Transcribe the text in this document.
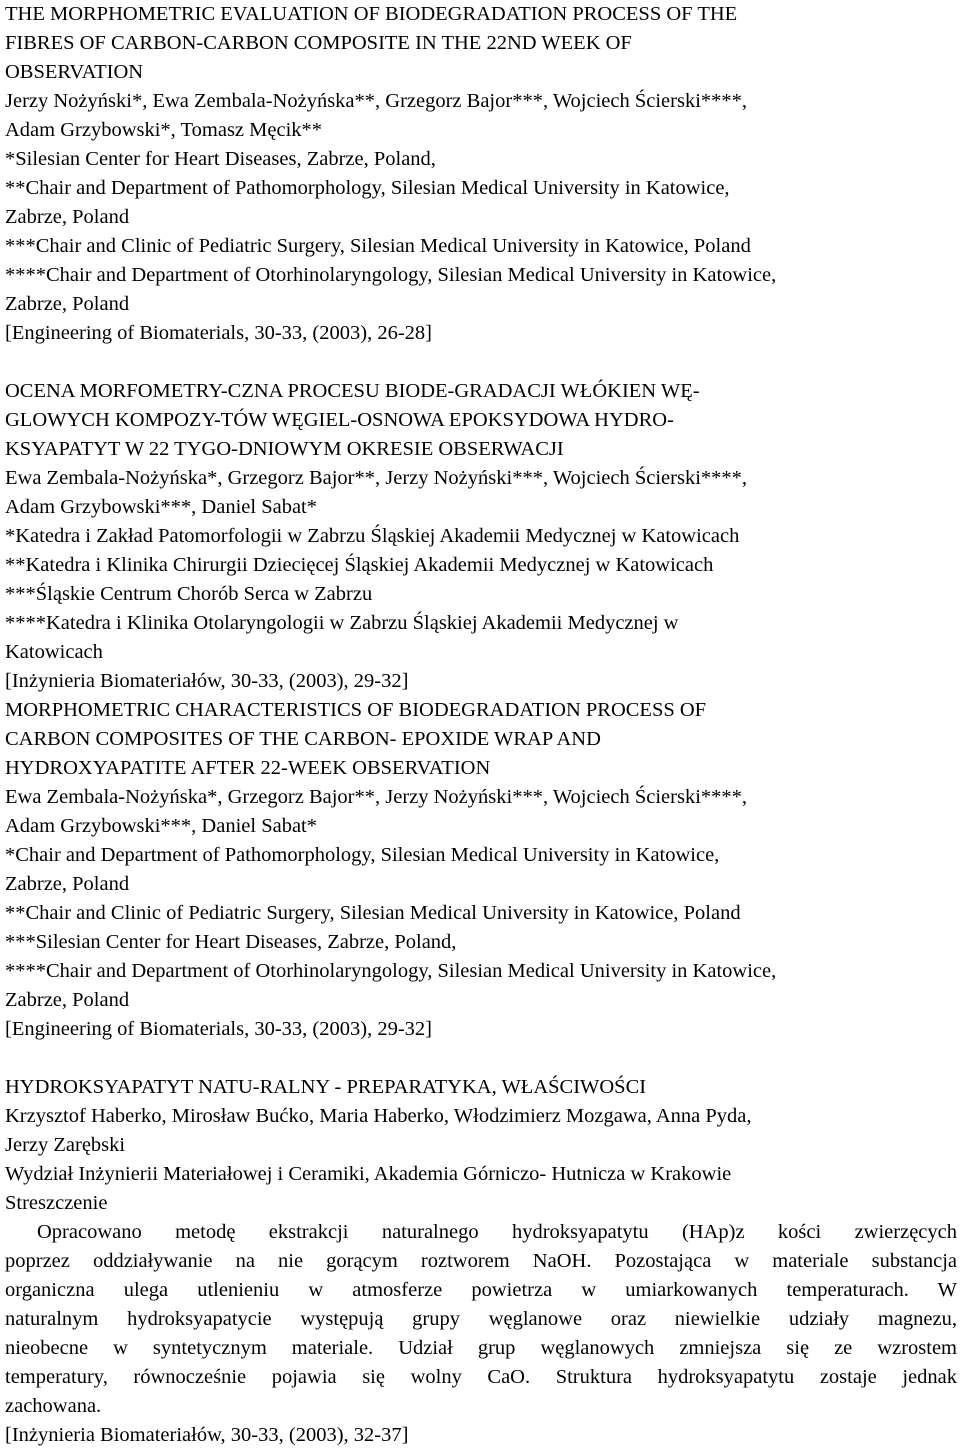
THE MORPHOMETRIC EVALUATION OF BIODEGRADATION PROCESS OF THE
FIBRES OF CARBON-CARBON COMPOSITE IN THE 22ND WEEK OF
OBSERVATION
Jerzy Nożyński*, Ewa Zembala-Nożyńska**, Grzegorz Bajor***, Wojciech Ścierski****,
Adam Grzybowski*, Tomasz Męcik**
*Silesian Center for Heart Diseases, Zabrze, Poland,
**Chair and Department of Pathomorphology, Silesian Medical University in Katowice,
Zabrze, Poland
***Chair and Clinic of Pediatric Surgery, Silesian Medical University in Katowice, Poland
****Chair and Department of Otorhinolaryngology, Silesian Medical University in Katowice,
Zabrze, Poland
[Engineering of Biomaterials, 30-33, (2003), 26-28]
OCENA MORFOMETRY-CZNA PROCESU BIODE-GRADACJI WŁÓKIEN WĘ-
GLOWYCH KOMPOZY-TÓW WĘGIEL-OSNOWA EPOKSYDOWA HYDRO-
KSYAPATYT W 22 TYGO-DNIOWYM OKRESIE OBSERWACJI
Ewa Zembala-Nożyńska*, Grzegorz Bajor**, Jerzy Nożyński***, Wojciech Ścierski****,
Adam Grzybowski***, Daniel Sabat*
*Katedra i Zakład Patomorfologii w Zabrzu Śląskiej Akademii Medycznej w Katowicach
**Katedra i Klinika Chirurgii Dziecięcej Śląskiej Akademii Medycznej w Katowicach
***Śląskie Centrum Chorób Serca w Zabrzu
****Katedra i Klinika Otolaryngologii w Zabrzu Śląskiej Akademii Medycznej w
Katowicach
[Inżynieria Biomateriałów, 30-33, (2003), 29-32]
MORPHOMETRIC CHARACTERISTICS OF BIODEGRADATION PROCESS OF
CARBON COMPOSITES OF THE CARBON- EPOXIDE WRAP AND
HYDROXYAPATITE AFTER 22-WEEK OBSERVATION
Ewa Zembala-Nożyńska*, Grzegorz Bajor**, Jerzy Nożyński***, Wojciech Ścierski****,
Adam Grzybowski***, Daniel Sabat*
*Chair and Department of Pathomorphology, Silesian Medical University in Katowice,
Zabrze, Poland
**Chair and Clinic of Pediatric Surgery, Silesian Medical University in Katowice, Poland
***Silesian Center for Heart Diseases, Zabrze, Poland,
****Chair and Department of Otorhinolaryngology, Silesian Medical University in Katowice,
Zabrze, Poland
[Engineering of Biomaterials, 30-33, (2003), 29-32]
HYDROKSYAPATYT NATU-RALNY - PREPARATYKA, WŁAŚCIWOŚCI
Krzysztof Haberko, Mirosław Bućko, Maria Haberko, Włodzimierz Mozgawa, Anna Pyda,
Jerzy Zarębski
Wydział Inżynierii Materiałowej i Ceramiki, Akademia Górniczo- Hutnicza w Krakowie
Streszczenie
Opracowano metodę ekstrakcji naturalnego hydroksyapatytu (HAp)z kości zwierzęcych
poprzez oddziaływanie na nie gorącym roztworem NaOH. Pozostająca w materiale substancja
organiczna ulega utlenieniu w atmosferze powietrza w umiarkowanych temperaturach. W
naturalnym hydroksyapatycie występują grupy węglanowe oraz niewielkie udziały magnezu,
nieobecne w syntetycznym materiale. Udział grup węglanowych zmniejsza się ze wzrostem
temperatury, równocześnie pojawia się wolny CaO. Struktura hydroksyapatytu zostaje jednak
zachowana.
[Inżynieria Biomateriałów, 30-33, (2003), 32-37]
